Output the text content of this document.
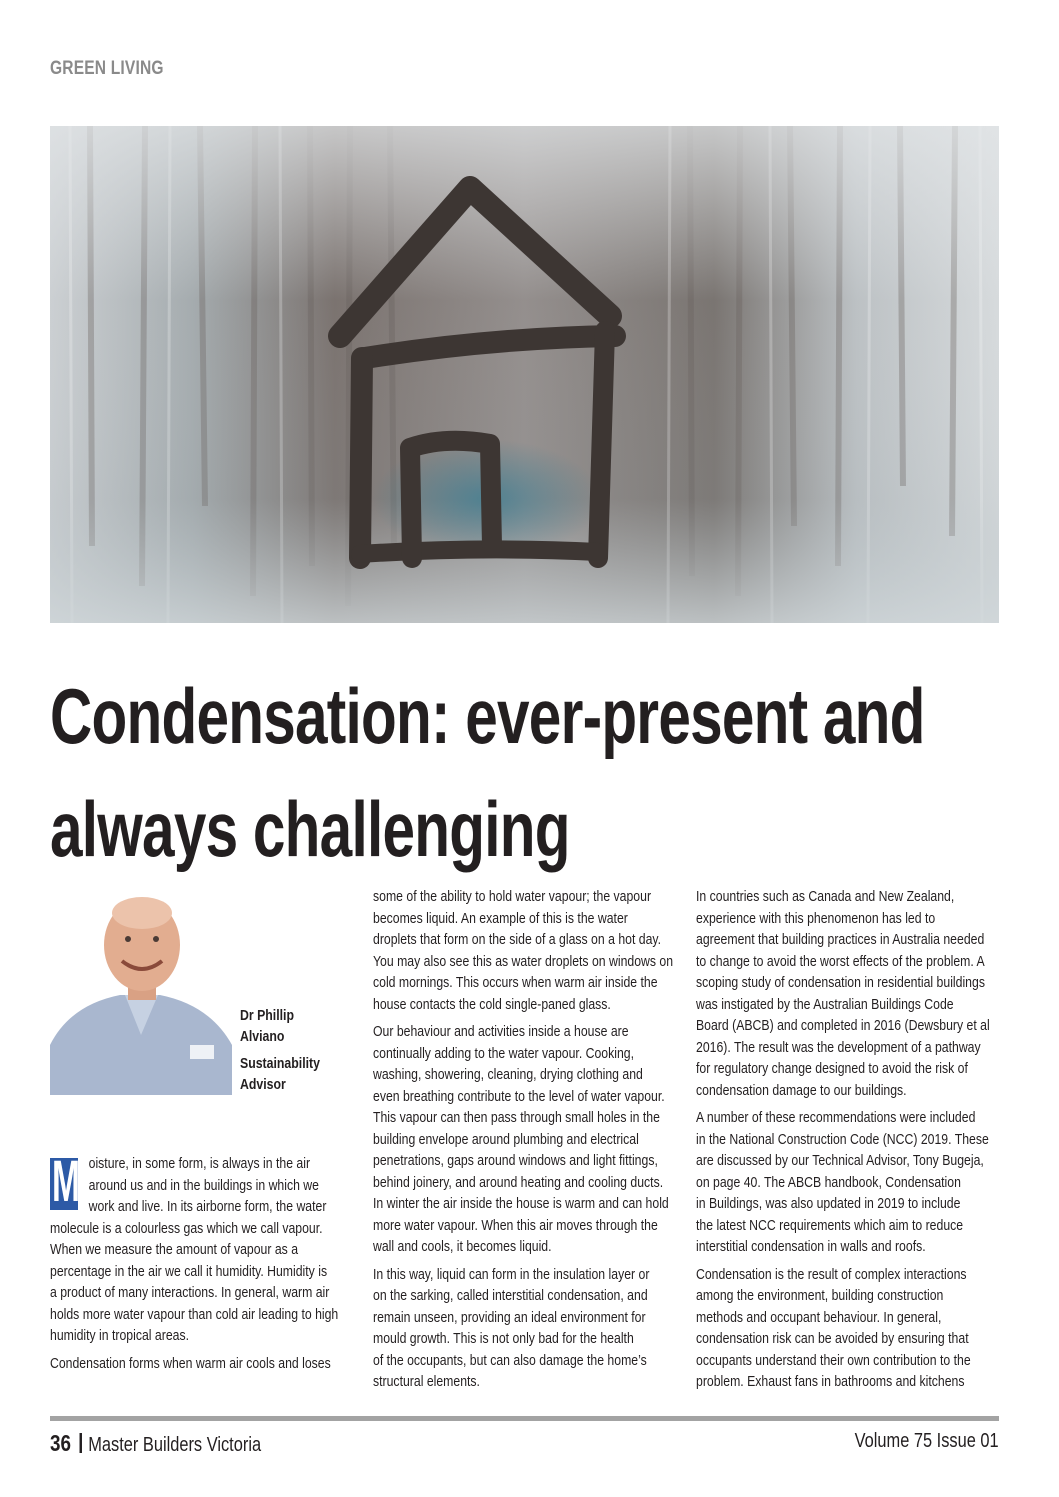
GREEN LIVING
Condensation: ever-present and
always challenging
Dr Phillip
Alviano
Sustainability
Advisor
M oisture, in some form, is always in the air
around us and in the buildings in which we
work and live. In its airborne form, the water
molecule is a colourless gas which we call vapour.
When we measure the amount of vapour as a
percentage in the air we call it humidity. Humidity is
a product of many interactions. In general, warm air
holds more water vapour than cold air leading to high
humidity in tropical areas.

Condensation forms when warm air cools and loses

some of the ability to hold water vapour; the vapour
becomes liquid. An example of this is the water
droplets that form on the side of a glass on a hot day.
You may also see this as water droplets on windows on
cold mornings. This occurs when warm air inside the
house contacts the cold single-paned glass.

Our behaviour and activities inside a house are
continually adding to the water vapour. Cooking,
washing, showering, cleaning, drying clothing and
even breathing contribute to the level of water vapour.
This vapour can then pass through small holes in the
building envelope around plumbing and electrical
penetrations, gaps around windows and light fittings,
behind joinery, and around heating and cooling ducts.
In winter the air inside the house is warm and can hold
more water vapour. When this air moves through the
wall and cools, it becomes liquid.

In this way, liquid can form in the insulation layer or
on the sarking, called interstitial condensation, and
remain unseen, providing an ideal environment for
mould growth. This is not only bad for the health
of the occupants, but can also damage the home’s
structural elements.

In countries such as Canada and New Zealand,
experience with this phenomenon has led to
agreement that building practices in Australia needed
to change to avoid the worst effects of the problem. A
scoping study of condensation in residential buildings
was instigated by the Australian Buildings Code
Board (ABCB) and completed in 2016 (Dewsbury et al
2016). The result was the development of a pathway
for regulatory change designed to avoid the risk of
condensation damage to our buildings.

A number of these recommendations were included
in the National Construction Code (NCC) 2019. These
are discussed by our Technical Advisor, Tony Bugeja,
on page 40. The ABCB handbook, Condensation
in Buildings, was also updated in 2019 to include
the latest NCC requirements which aim to reduce
interstitial condensation in walls and roofs.

Condensation is the result of complex interactions
among the environment, building construction
methods and occupant behaviour. In general,
condensation risk can be avoided by ensuring that
occupants understand their own contribution to the
problem. Exhaust fans in bathrooms and kitchens

36 Master Builders Victoria	Volume 75 Issue 01
